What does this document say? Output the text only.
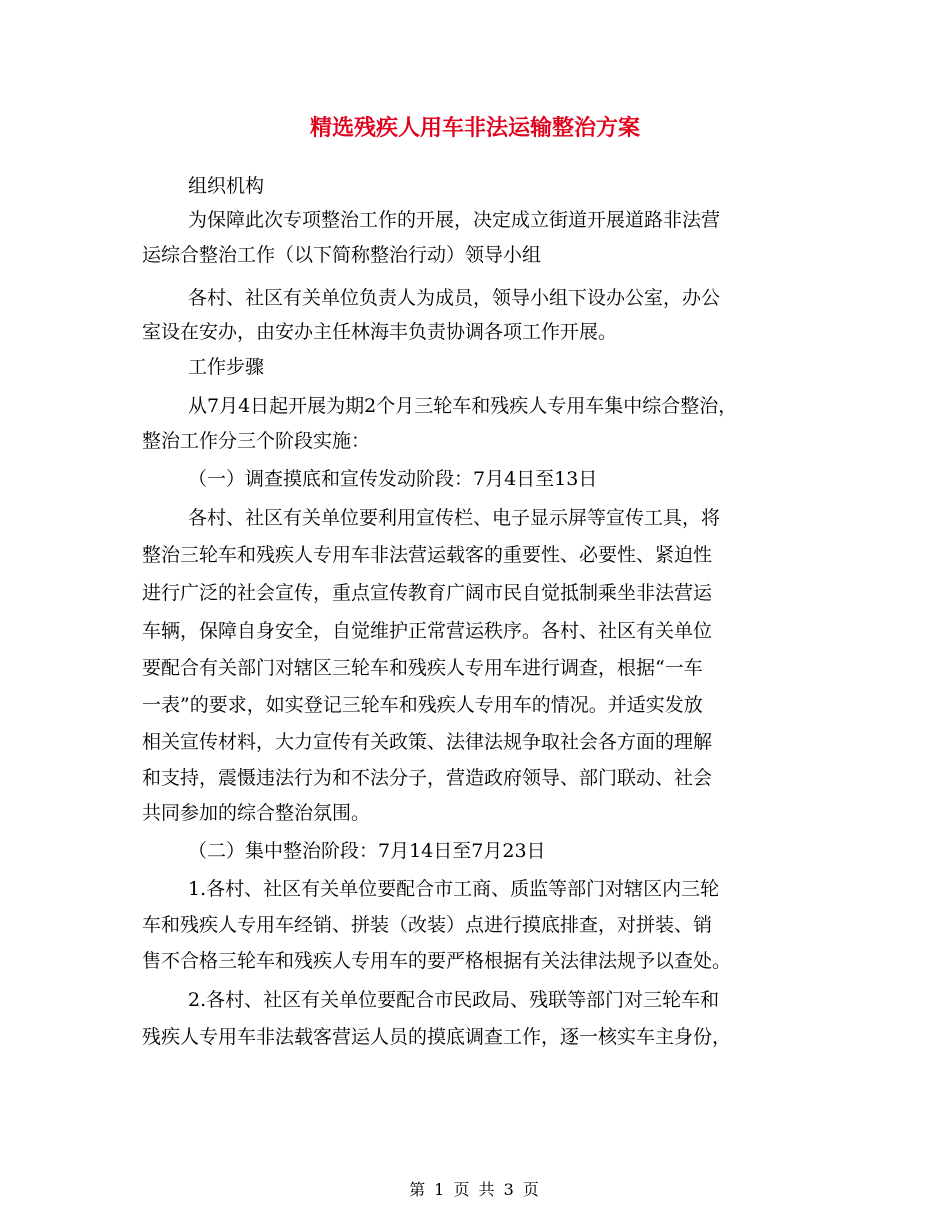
精选残疾人用车非法运输整治方案
组织机构
为保障此次专项整治工作的开展，决定成立街道开展道路非法营
运综合整治工作（以下简称整治行动）领导小组
各村、社区有关单位负责人为成员，领导小组下设办公室，办公
室设在安办，由安办主任林海丰负责协调各项工作开展。
工作步骤
从7月4日起开展为期2个月三轮车和残疾人专用车集中综合整治，
整治工作分三个阶段实施：
（一）调查摸底和宣传发动阶段：7月4日至13日
各村、社区有关单位要利用宣传栏、电子显示屏等宣传工具，将
整治三轮车和残疾人专用车非法营运载客的重要性、必要性、紧迫性
进行广泛的社会宣传，重点宣传教育广阔市民自觉抵制乘坐非法营运
车辆，保障自身安全，自觉维护正常营运秩序。各村、社区有关单位
要配合有关部门对辖区三轮车和残疾人专用车进行调查，根据“一车
一表”的要求，如实登记三轮车和残疾人专用车的情况。并适实发放
相关宣传材料，大力宣传有关政策、法律法规争取社会各方面的理解
和支持，震慑违法行为和不法分子，营造政府领导、部门联动、社会
共同参加的综合整治氛围。
（二）集中整治阶段：7月14日至7月23日
1.各村、社区有关单位要配合市工商、质监等部门对辖区内三轮
车和残疾人专用车经销、拼装（改装）点进行摸底排查，对拼装、销
售不合格三轮车和残疾人专用车的要严格根据有关法律法规予以查处。
2.各村、社区有关单位要配合市民政局、残联等部门对三轮车和
残疾人专用车非法载客营运人员的摸底调查工作，逐一核实车主身份，
第 1 页 共 3 页
